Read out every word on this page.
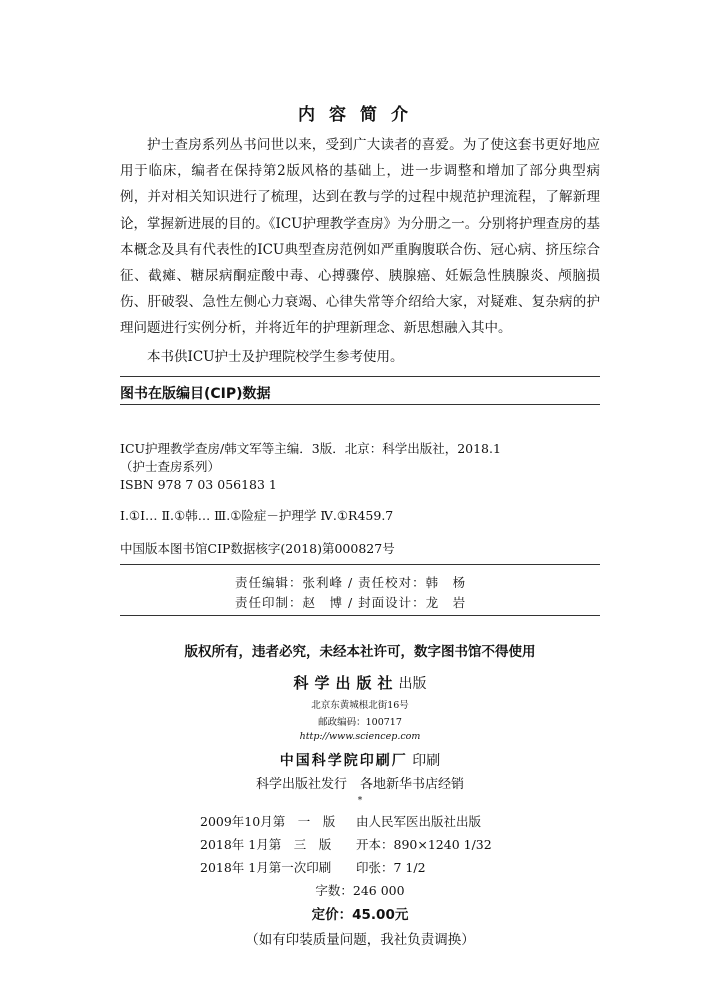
内容简介
护士查房系列丛书问世以来，受到广大读者的喜爱。为了使这套书更好地应用于临床，编者在保持第2版风格的基础上，进一步调整和增加了部分典型病例，并对相关知识进行了梳理，达到在教与学的过程中规范护理流程，了解新理论，掌握新进展的目的。《ICU护理教学查房》为分册之一。分别将护理查房的基本概念及具有代表性的ICU典型查房范例如严重胸腹联合伤、冠心病、挤压综合征、截瘫、糖尿病酮症酸中毒、心搏骤停、胰腺癌、妊娠急性胰腺炎、颅脑损伤、肝破裂、急性左侧心力衰竭、心律失常等介绍给大家，对疑难、复杂病的护理问题进行实例分析，并将近年的护理新理念、新思想融入其中。
本书供ICU护士及护理院校学生参考使用。
图书在版编目(CIP)数据
ICU护理教学查房/韩文军等主编．3版．北京：科学出版社，2018.1
（护士查房系列）
ISBN 978 7 03 056183 1
Ⅰ.①I… Ⅱ.①韩… Ⅲ.①险症－护理学 Ⅳ.①R459.7
中国版本图书馆CIP数据核字(2018)第000827号
责任编辑：张利峰 / 责任校对：韩　杨
责任印制：赵　博 / 封面设计：龙　岩
版权所有，违者必究，未经本社许可，数字图书馆不得使用
科学出版社出版
北京东黄城根北街16号
邮政编码：100717
http://www.sciencep.com
中国科学院印刷厂 印刷
科学出版社发行　各地新华书店经销
*
2009年10月第　一　版 由人民军医出版社出版
2018年 1月第　三　版 开本：890×1240 1/32
2018年 1月第一次印刷 印张：7 1/2
字数：246 000
定价：45.00元
（如有印装质量问题，我社负责调换）
